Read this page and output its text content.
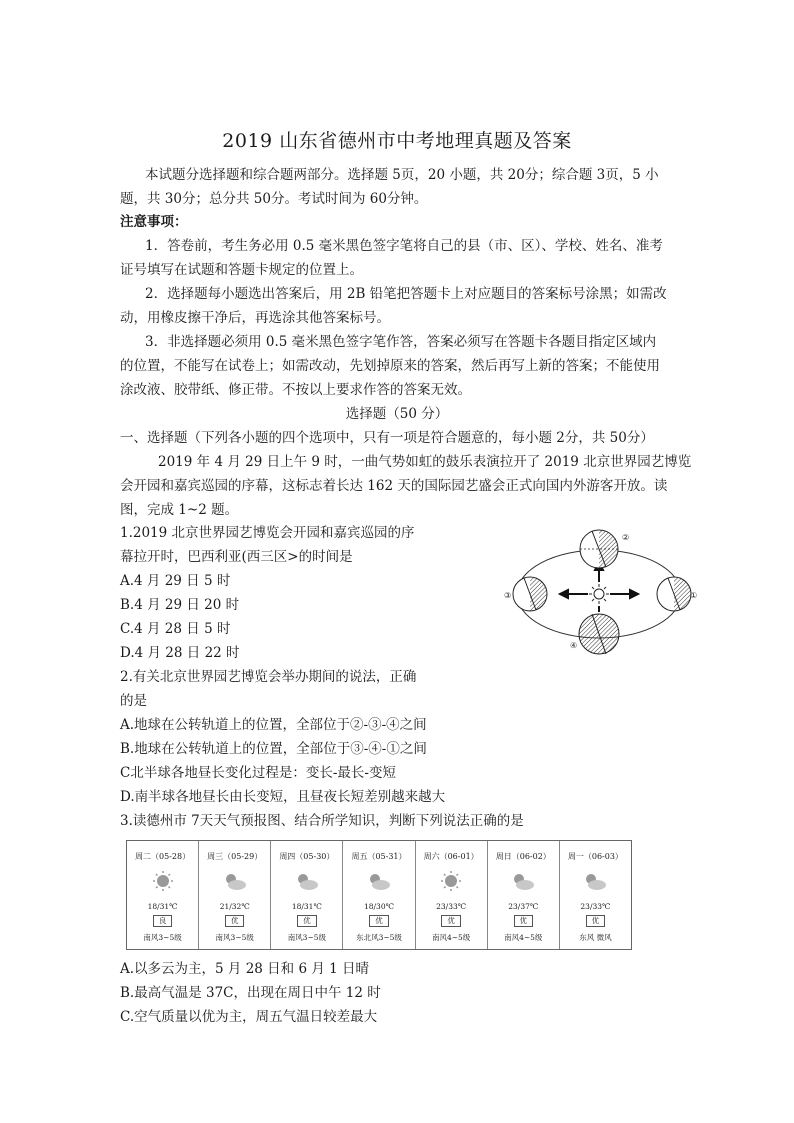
2019 山东省德州市中考地理真题及答案
本试题分选择题和综合题两部分。选择题 5页，20 小题，共 20分；综合题 3页，5 小
题，共 30分；总分共 50分。考试时间为 60分钟。
注意事项：
1．答卷前，考生务必用 0.5 毫米黑色签字笔将自己的县（市、区）、学校、姓名、准考
证号填写在试题和答题卡规定的位置上。
2．选择题每小题选出答案后，用 2B 铅笔把答题卡上对应题目的答案标号涂黑；如需改
动，用橡皮擦干净后，再选涂其他答案标号。
3．非选择题必须用 0.5 毫米黑色签字笔作答，答案必须写在答题卡各题目指定区域内
的位置，不能写在试卷上；如需改动，先划掉原来的答案，然后再写上新的答案；不能使用
涂改液、胶带纸、修正带。不按以上要求作答的答案无效。
选择题（50 分）
一、选择题（下列各小题的四个选项中，只有一项是符合题意的，每小题 2分，共 50分）
2019 年 4 月 29 日上午 9 时，一曲气势如虹的鼓乐表演拉开了 2019 北京世界园艺博览
会开园和嘉宾巡园的序幕，这标志着长达 162 天的国际园艺盛会正式向国内外游客开放。读
图，完成 1~2 题。
1.2019 北京世界园艺博览会开园和嘉宾巡园的序
幕拉开时，巴西利亚(西三区>的时间是
A.4 月 29 日 5 时
B.4 月 29 日 20 时
C.4 月 28 日 5 时
D.4 月 28 日 22 时
2.有关北京世界园艺博览会举办期间的说法，正确
的是
A.地球在公转轨道上的位置，全部位于②-③-④之间
B.地球在公转轨道上的位置，全部位于③-④-①之间
C北半球各地昼长变化过程是：变长-最长-变短
D.南半球各地昼长由长变短，且昼夜长短差别越来越大
3.读德州市 7天天气预报图、结合所学知识，判断下列说法正确的是
②
①
③
④
周二（05-28）
18/31℃
良
南风3~5级
周三（05-29）
21/32℃
优
南风3~5级
周四（05-30）
18/31℃
优
南风3~5级
周五（05-31）
18/30℃
优
东北风3~5级
周六（06-01）
23/33℃
优
南风4~5级
周日（06-02）
23/37℃
优
南风4~5级
周一（06-03）
23/33℃
优
东风 微风
A.以多云为主，5 月 28 日和 6 月 1 日晴
B.最高气温是 37C，出现在周日中午 12 时
C.空气质量以优为主，周五气温日较差最大
